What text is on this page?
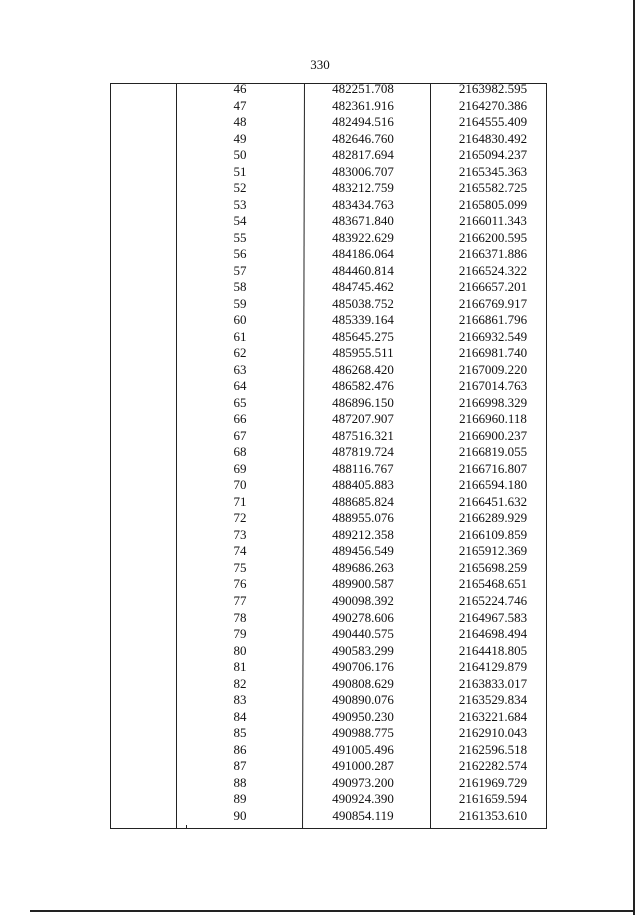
330
46	482251.708	2163982.595
47	482361.916	2164270.386
48	482494.516	2164555.409
49	482646.760	2164830.492
50	482817.694	2165094.237
51	483006.707	2165345.363
52	483212.759	2165582.725
53	483434.763	2165805.099
54	483671.840	2166011.343
55	483922.629	2166200.595
56	484186.064	2166371.886
57	484460.814	2166524.322
58	484745.462	2166657.201
59	485038.752	2166769.917
60	485339.164	2166861.796
61	485645.275	2166932.549
62	485955.511	2166981.740
63	486268.420	2167009.220
64	486582.476	2167014.763
65	486896.150	2166998.329
66	487207.907	2166960.118
67	487516.321	2166900.237
68	487819.724	2166819.055
69	488116.767	2166716.807
70	488405.883	2166594.180
71	488685.824	2166451.632
72	488955.076	2166289.929
73	489212.358	2166109.859
74	489456.549	2165912.369
75	489686.263	2165698.259
76	489900.587	2165468.651
77	490098.392	2165224.746
78	490278.606	2164967.583
79	490440.575	2164698.494
80	490583.299	2164418.805
81	490706.176	2164129.879
82	490808.629	2163833.017
83	490890.076	2163529.834
84	490950.230	2163221.684
85	490988.775	2162910.043
86	491005.496	2162596.518
87	491000.287	2162282.574
88	490973.200	2161969.729
89	490924.390	2161659.594
90	490854.119	2161353.610
